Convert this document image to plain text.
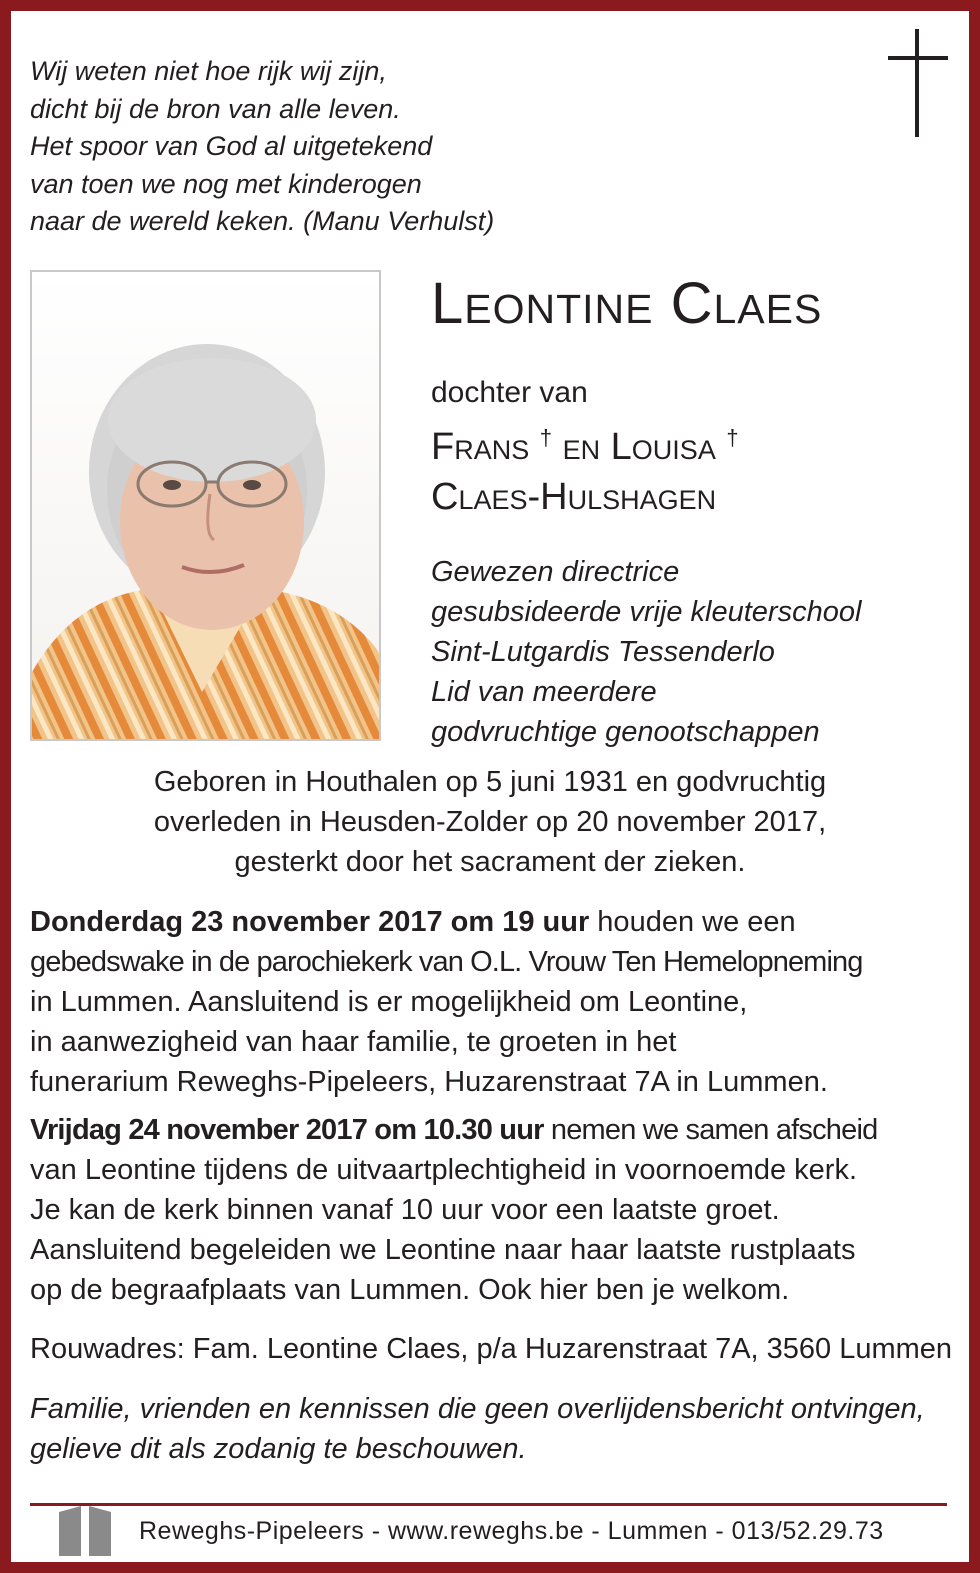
Wij weten niet hoe rijk wij zijn,
dicht bij de bron van alle leven.
Het spoor van God al uitgetekend
van toen we nog met kinderogen
naar de wereld keken. (Manu Verhulst)
Leontine Claes
dochter van
Frans † en Louisa †
Claes-Hulshagen
Gewezen directrice
gesubsideerde vrije kleuterschool
Sint-Lutgardis Tessenderlo
Lid van meerdere
godvruchtige genootschappen
Geboren in Houthalen op 5 juni 1931 en godvruchtig
overleden in Heusden-Zolder op 20 november 2017,
gesterkt door het sacrament der zieken.
Donderdag 23 november 2017 om 19 uur houden we een
gebedswake in de parochiekerk van O.L. Vrouw Ten Hemelopneming
in Lummen. Aansluitend is er mogelijkheid om Leontine,
in aanwezigheid van haar familie, te groeten in het
funerarium Reweghs-Pipeleers, Huzarenstraat 7A in Lummen.
Vrijdag 24 november 2017 om 10.30 uur nemen we samen afscheid
van Leontine tijdens de uitvaartplechtigheid in voornoemde kerk.
Je kan de kerk binnen vanaf 10 uur voor een laatste groet.
Aansluitend begeleiden we Leontine naar haar laatste rustplaats
op de begraafplaats van Lummen. Ook hier ben je welkom.
Rouwadres: Fam. Leontine Claes, p/a Huzarenstraat 7A, 3560 Lummen
Familie, vrienden en kennissen die geen overlijdensbericht ontvingen,
gelieve dit als zodanig te beschouwen.
Reweghs-Pipeleers - www.reweghs.be - Lummen - 013/52.29.73
